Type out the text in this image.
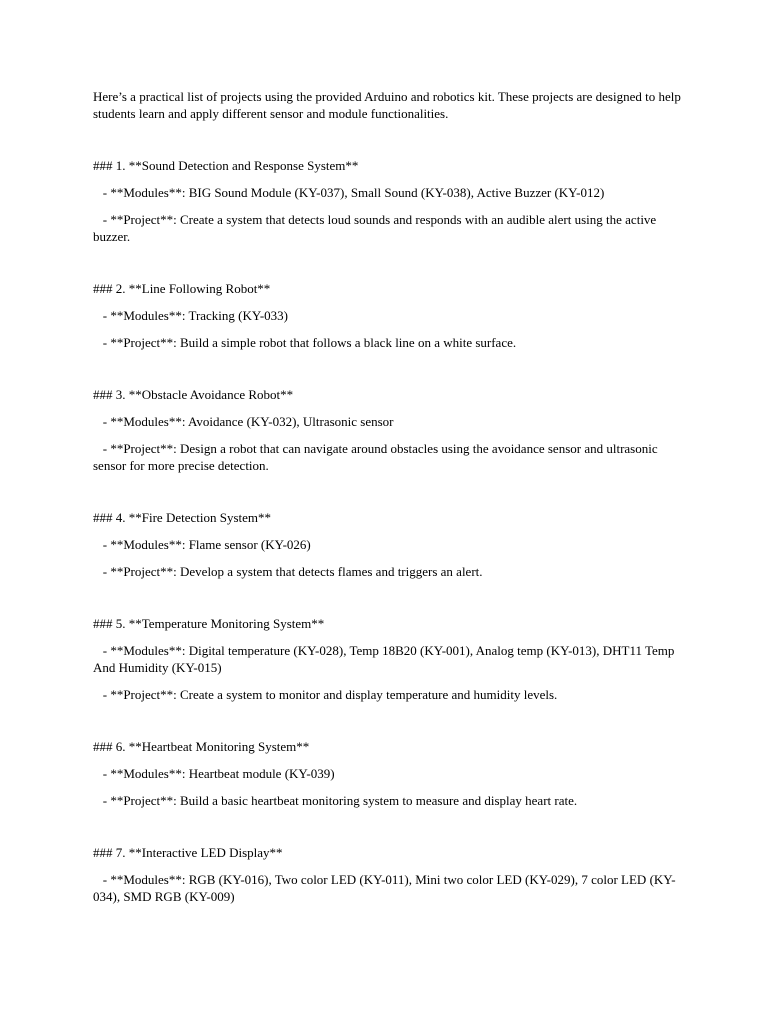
Here’s a practical list of projects using the provided Arduino and robotics kit. These projects are designed to help students learn and apply different sensor and module functionalities.

### 1. **Sound Detection and Response System**

- **Modules**: BIG Sound Module (KY-037), Small Sound (KY-038), Active Buzzer (KY-012)

- **Project**: Create a system that detects loud sounds and responds with an audible alert using the active buzzer.

### 2. **Line Following Robot**

- **Modules**: Tracking (KY-033)

- **Project**: Build a simple robot that follows a black line on a white surface.

### 3. **Obstacle Avoidance Robot**

- **Modules**: Avoidance (KY-032), Ultrasonic sensor

- **Project**: Design a robot that can navigate around obstacles using the avoidance sensor and ultrasonic sensor for more precise detection.

### 4. **Fire Detection System**

- **Modules**: Flame sensor (KY-026)

- **Project**: Develop a system that detects flames and triggers an alert.

### 5. **Temperature Monitoring System**

- **Modules**: Digital temperature (KY-028), Temp 18B20 (KY-001), Analog temp (KY-013), DHT11 Temp And Humidity (KY-015)

- **Project**: Create a system to monitor and display temperature and humidity levels.

### 6. **Heartbeat Monitoring System**

- **Modules**: Heartbeat module (KY-039)

- **Project**: Build a basic heartbeat monitoring system to measure and display heart rate.

### 7. **Interactive LED Display**

- **Modules**: RGB (KY-016), Two color LED (KY-011), Mini two color LED (KY-029), 7 color LED (KY-034), SMD RGB (KY-009)
